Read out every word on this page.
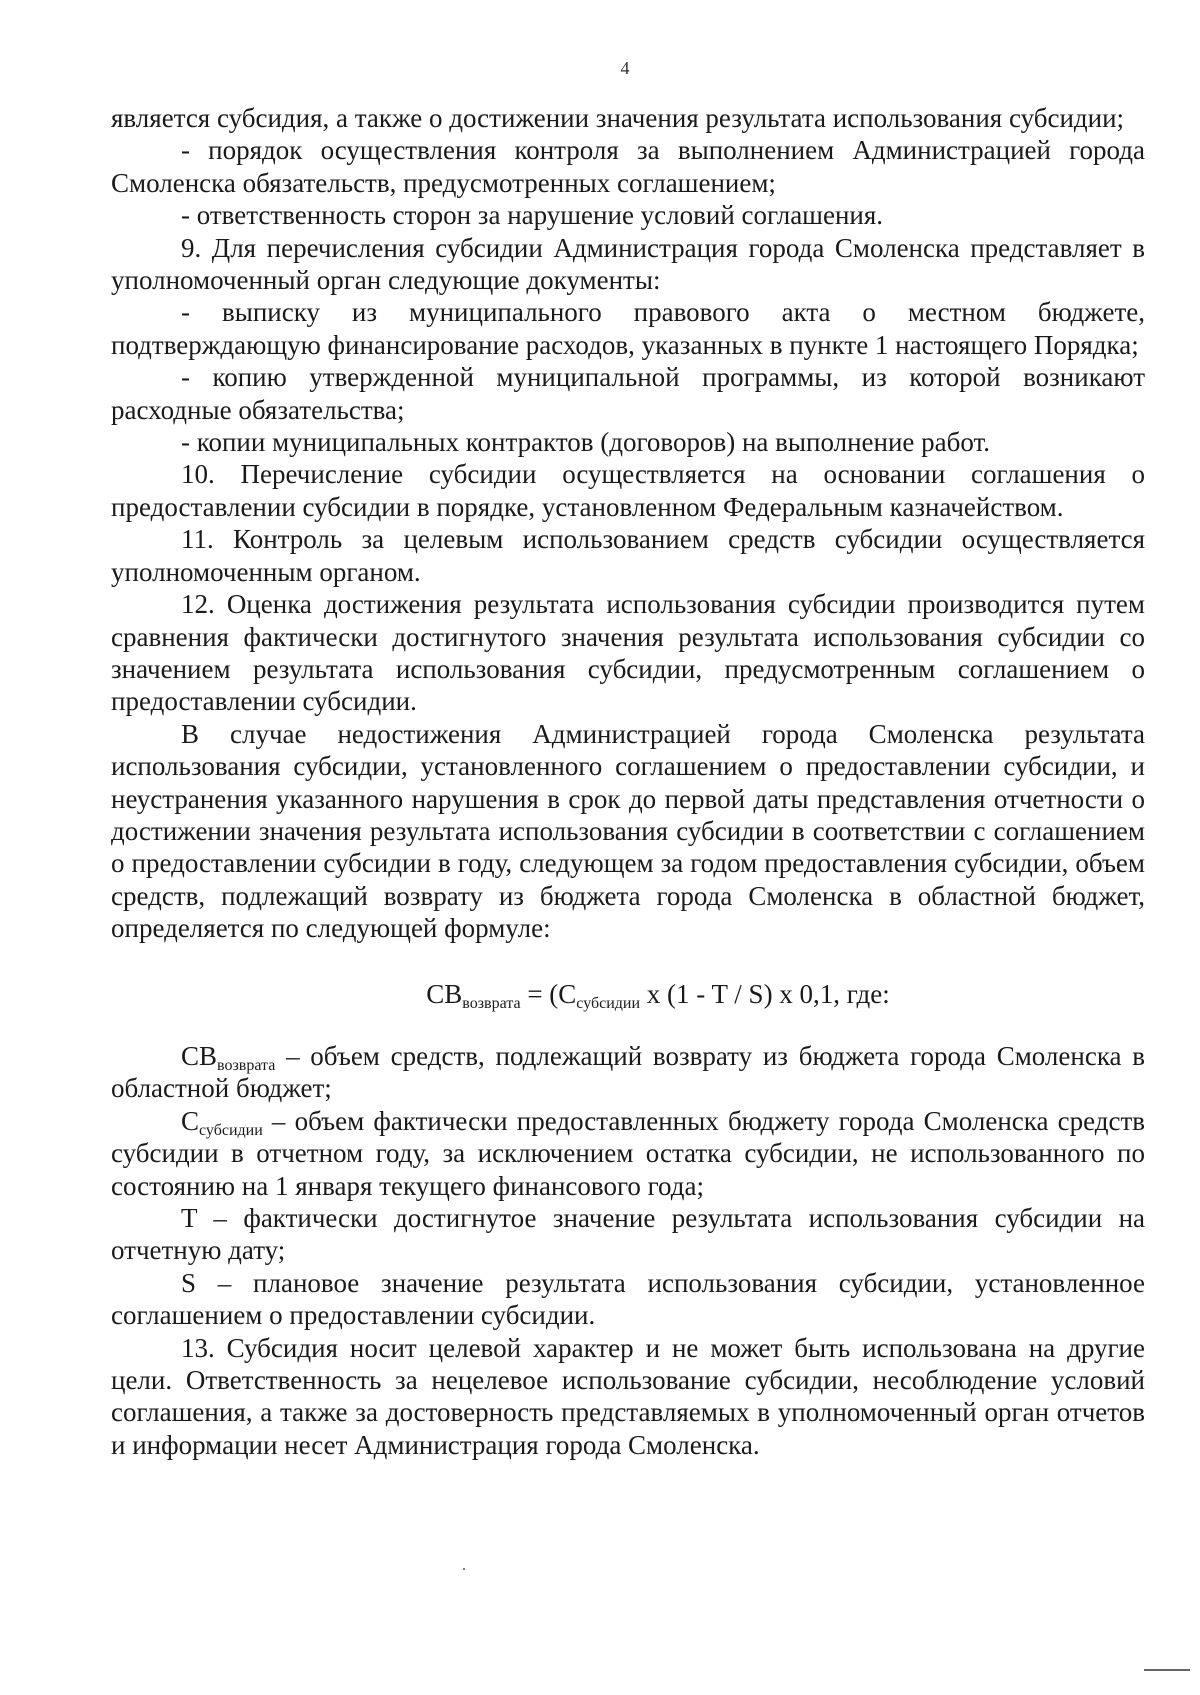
4

является субсидия, а также о достижении значения результата использования субсидии;

- порядок осуществления контроля за выполнением Администрацией города Смоленска обязательств, предусмотренных соглашением;

- ответственность сторон за нарушение условий соглашения.

9. Для перечисления субсидии Администрация города Смоленска представляет в уполномоченный орган следующие документы:

- выписку из муниципального правового акта о местном бюджете, подтверждающую финансирование расходов, указанных в пункте 1 настоящего Порядка;

- копию утвержденной муниципальной программы, из которой возникают расходные обязательства;

- копии муниципальных контрактов (договоров) на выполнение работ.

10. Перечисление субсидии осуществляется на основании соглашения о предоставлении субсидии в порядке, установленном Федеральным казначейством.

11. Контроль за целевым использованием средств субсидии осуществляется уполномоченным органом.

12. Оценка достижения результата использования субсидии производится путем сравнения фактически достигнутого значения результата использования субсидии со значением результата использования субсидии, предусмотренным соглашением о предоставлении субсидии.

В случае недостижения Администрацией города Смоленска результата использования субсидии, установленного соглашением о предоставлении субсидии, и неустранения указанного нарушения в срок до первой даты представления отчетности о достижении значения результата использования субсидии в соответствии с соглашением о предоставлении субсидии в году, следующем за годом предоставления субсидии, объем средств, подлежащий возврату из бюджета города Смоленска в областной бюджет, определяется по следующей формуле:

$CB_{возврата} = (C_{субсидии}$ x (1 - T / S) x 0,1, где:

$CB_{возврата}$ – объем средств, подлежащий возврату из бюджета города Смоленска в областной бюджет;

$C_{субсидии}$ – объем фактически предоставленных бюджету города Смоленска средств субсидии в отчетном году, за исключением остатка субсидии, не использованного по состоянию на 1 января текущего финансового года;

T – фактически достигнутое значение результата использования субсидии на отчетную дату;

S – плановое значение результата использования субсидии, установленное соглашением о предоставлении субсидии.

13. Субсидия носит целевой характер и не может быть использована на другие цели. Ответственность за нецелевое использование субсидии, несоблюдение условий соглашения, а также за достоверность представляемых в уполномоченный орган отчетов и информации несет Администрация города Смоленска.
